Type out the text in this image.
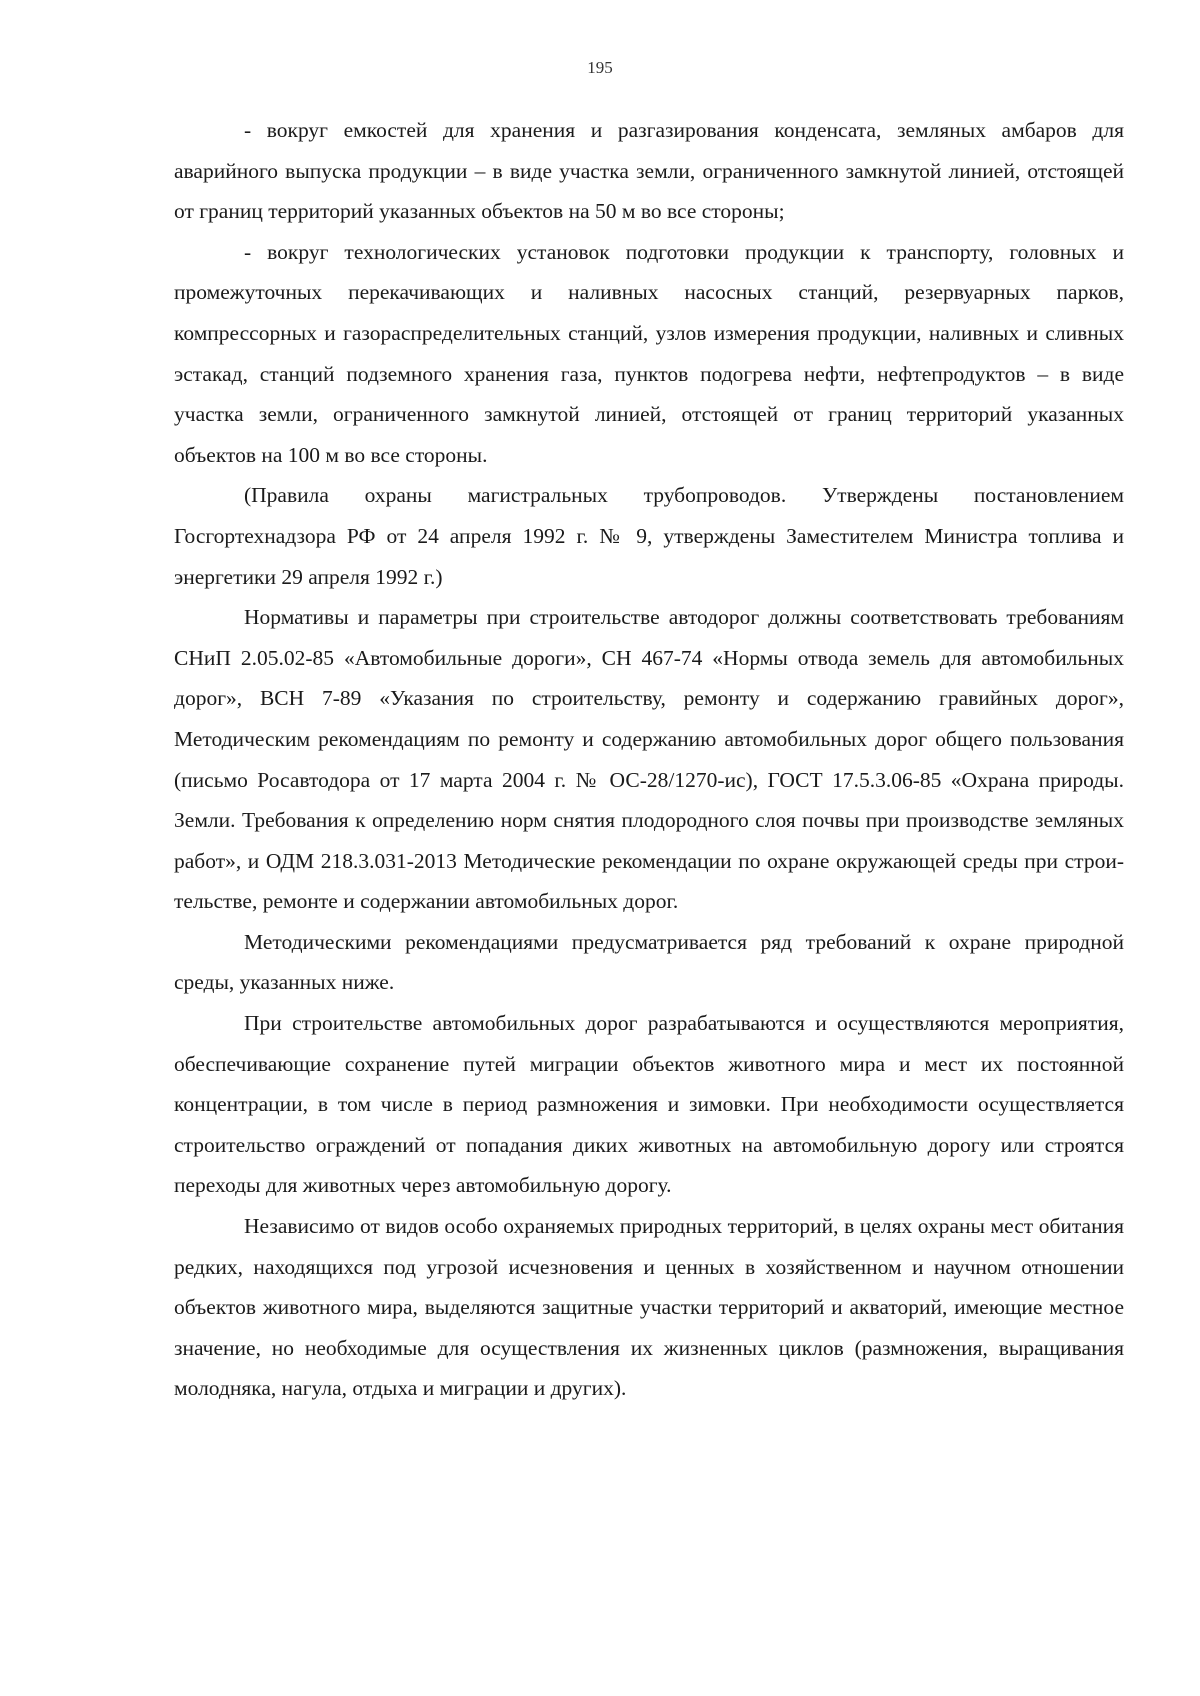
195

- вокруг емкостей для хранения и разгазирования конденсата, земляных амбаров для аварийного выпуска продукции – в виде участка земли, ограниченного замкнутой линией, отстоящей от границ территорий указанных объектов на 50 м во все стороны;

- вокруг технологических установок подготовки продукции к транспорту, головных и промежуточных перекачивающих и наливных насосных станций, резервуарных парков, компрессорных и газораспределительных станций, узлов измерения продукции, наливных и сливных эстакад, станций подземного хранения газа, пунктов подогрева нефти, нефтепродуктов – в виде участка земли, ограниченного замкнутой линией, отстоящей от границ территорий указанных объектов на 100 м во все стороны.

(Правила охраны магистральных трубопроводов. Утверждены постановлением Госгортехнадзора РФ от 24 апреля 1992 г. № 9, утверждены Заместителем Министра топлива и энергетики 29 апреля 1992 г.)

Нормативы и параметры при строительстве автодорог должны соответствовать требованиям СНиП 2.05.02-85 «Автомобильные дороги», СН 467-74 «Нормы отвода земель для автомобильных дорог», ВСН 7-89 «Указания по строительству, ремонту и содержанию гравийных дорог», Методическим рекомендациям по ремонту и содержанию автомобильных дорог общего пользования (письмо Росавтодора от 17 марта 2004 г. № ОС-28/1270-ис), ГОСТ 17.5.3.06-85 «Охрана природы. Земли. Требования к определению норм снятия плодородного слоя почвы при производстве земляных работ», и ОДМ 218.3.031-2013 Методические рекомендации по охране окружающей среды при строительстве, ремонте и содержании автомобильных дорог.

Методическими рекомендациями предусматривается ряд требований к охране природной среды, указанных ниже.

При строительстве автомобильных дорог разрабатываются и осуществляются мероприятия, обеспечивающие сохранение путей миграции объектов животного мира и мест их постоянной концентрации, в том числе в период размножения и зимовки. При необходимости осуществляется строительство ограждений от попадания диких животных на автомобильную дорогу или строятся переходы для животных через автомобильную дорогу.

Независимо от видов особо охраняемых природных территорий, в целях охраны мест обитания редких, находящихся под угрозой исчезновения и ценных в хозяйственном и научном отношении объектов животного мира, выделяются защитные участки территорий и акваторий, имеющие местное значение, но необходимые для осуществления их жизненных циклов (размножения, выращивания молодняка, нагула, отдыха и миграции и других).
